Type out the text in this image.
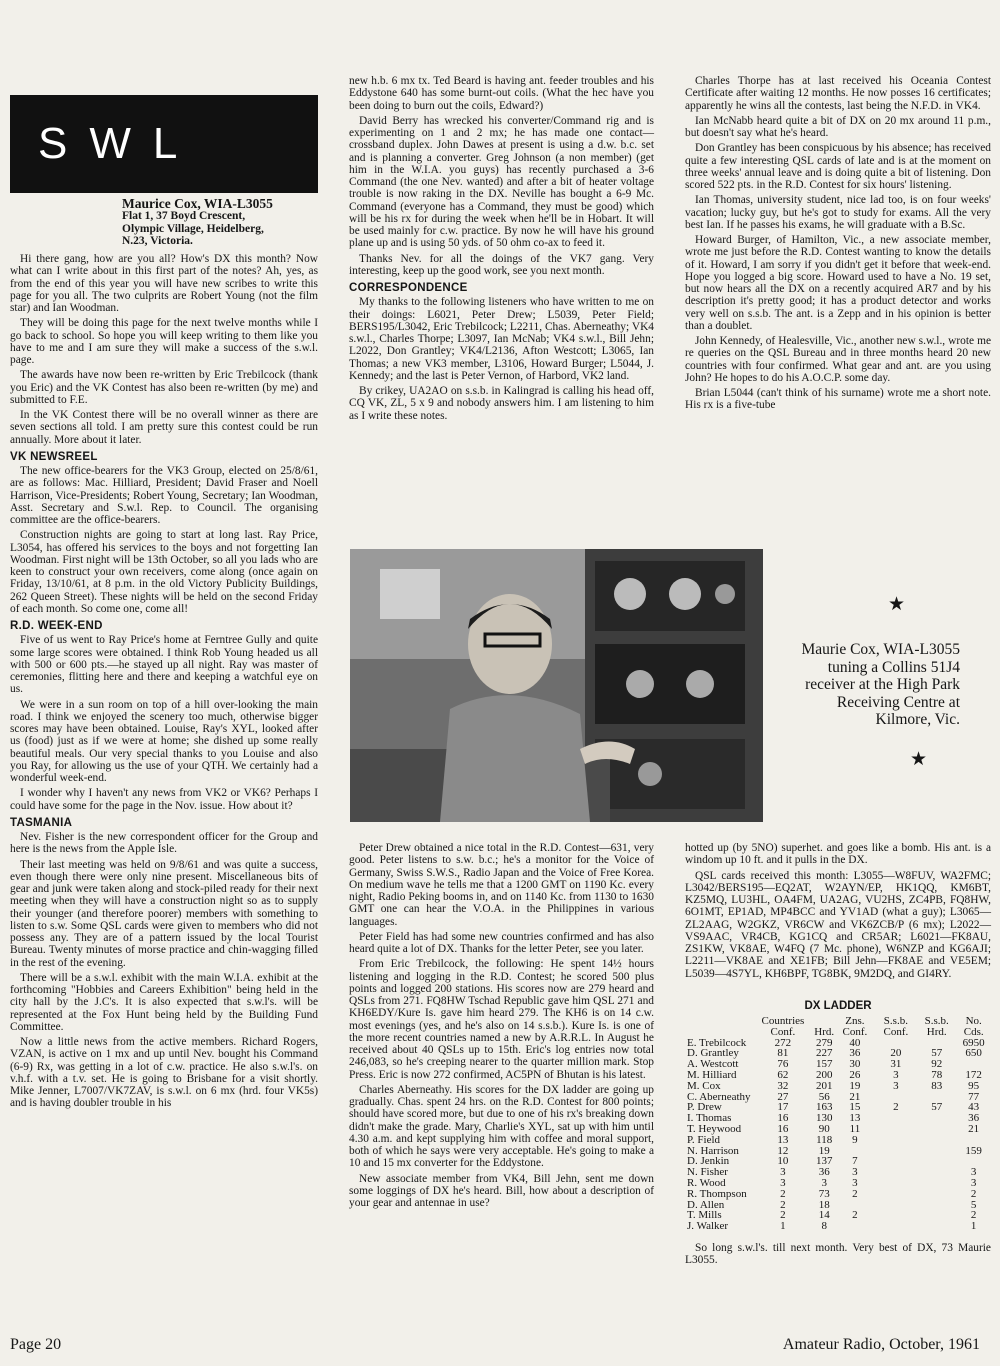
SWL
Maurice Cox, WIA-L3055
Flat 1, 37 Boyd Crescent,
Olympic Village, Heidelberg,
N.23, Victoria.

Hi there gang, how are you all? How's DX this month? Now what can I write about in this first part of the notes? Ah, yes, as from the end of this year you will have new scribes to write this page for you all. The two culprits are Robert Young (not the film star) and Ian Woodman.

They will be doing this page for the next twelve months while I go back to school. So hope you will keep writing to them like you have to me and I am sure they will make a success of the s.w.l. page.

The awards have now been re-written by Eric Trebilcock (thank you Eric) and the VK Contest has also been re-written (by me) and submitted to F.E.

In the VK Contest there will be no overall winner as there are seven sections all told. I am pretty sure this contest could be run annually. More about it later.

VK NEWSREEL

The new office-bearers for the VK3 Group, elected on 25/8/61, are as follows: Mac. Hilliard, President; David Fraser and Noell Harrison, Vice-Presidents; Robert Young, Secretary; Ian Woodman, Asst. Secretary and S.w.l. Rep. to Council. The organising committee are the office-bearers.

Construction nights are going to start at long last. Ray Price, L3054, has offered his services to the boys and not forgetting Ian Woodman. First night will be 13th October, so all you lads who are keen to construct your own receivers, come along (once again on Friday, 13/10/61, at 8 p.m. in the old Victory Publicity Buildings, 262 Queen Street). These nights will be held on the second Friday of each month. So come one, come all!

R.D. WEEK-END

Five of us went to Ray Price's home at Ferntree Gully and quite some large scores were obtained. I think Rob Young headed us all with 500 or 600 pts.—he stayed up all night. Ray was master of ceremonies, flitting here and there and keeping a watchful eye on us.

We were in a sun room on top of a hill over-looking the main road. I think we enjoyed the scenery too much, otherwise bigger scores may have been obtained. Louise, Ray's XYL, looked after us (food) just as if we were at home; she dished up some really beautiful meals. Our very special thanks to you Louise and also you Ray, for allowing us the use of your QTH. We certainly had a wonderful week-end.

I wonder why I haven't any news from VK2 or VK6? Perhaps I could have some for the page in the Nov. issue. How about it?

TASMANIA

Nev. Fisher is the new correspondent officer for the Group and here is the news from the Apple Isle.

Their last meeting was held on 9/8/61 and was quite a success, even though there were only nine present. Miscellaneous bits of gear and junk were taken along and stock-piled ready for their next meeting when they will have a construction night so as to supply their younger (and therefore poorer) members with something to listen to s.w. Some QSL cards were given to members who did not possess any. They are of a pattern issued by the local Tourist Bureau. Twenty minutes of morse practice and chin-wagging filled in the rest of the evening.

There will be a s.w.l. exhibit with the main W.I.A. exhibit at the forthcoming "Hobbies and Careers Exhibition" being held in the city hall by the J.C's. It is also expected that s.w.l's. will be represented at the Fox Hunt being held by the Building Fund Committee.

Now a little news from the active members. Richard Rogers, VZAN, is active on 1 mx and up until Nev. bought his Command (6-9) Rx, was getting in a lot of c.w. practice. He also s.w.l's. on v.h.f. with a t.v. set. He is going to Brisbane for a visit shortly. Mike Jenner, L7007/VK7ZAV, is s.w.l. on 6 mx (hrd. four VK5s) and is having doubler trouble in his

new h.b. 6 mx tx. Ted Beard is having ant. feeder troubles and his Eddystone 640 has some burnt-out coils. (What the hec have you been doing to burn out the coils, Edward?)

David Berry has wrecked his converter/Command rig and is experimenting on 1 and 2 mx; he has made one contact—crossband duplex. John Dawes at present is using a d.w. b.c. set and is planning a converter. Greg Johnson (a non member) (get him in the W.I.A. you guys) has recently purchased a 3-6 Command (the one Nev. wanted) and after a bit of heater voltage trouble is now raking in the DX. Neville has bought a 6-9 Mc. Command (everyone has a Command, they must be good) which will be his rx for during the week when he'll be in Hobart. It will be used mainly for c.w. practice. By now he will have his ground plane up and is using 50 yds. of 50 ohm co-ax to feed it.

Thanks Nev. for all the doings of the VK7 gang. Very interesting, keep up the good work, see you next month.

CORRESPONDENCE

My thanks to the following listeners who have written to me on their doings: L6021, Peter Drew; L5039, Peter Field; BERS195/L3042, Eric Trebilcock; L2211, Chas. Aberneathy; VK4 s.w.l., Charles Thorpe; L3097, Ian McNab; VK4 s.w.l., Bill Jehn; L2022, Don Grantley; VK4/L2136, Afton Westcott; L3065, Ian Thomas; a new VK3 member, L3106, Howard Burger; L5044, J. Kennedy; and the last is Peter Vernon, of Harbord, VK2 land.

By crikey, UA2AO on s.s.b. in Kalingrad is calling his head off, CQ VK, ZL, 5 x 9 and nobody answers him. I am listening to him as I write these notes.

Charles Thorpe has at last received his Oceania Contest Certificate after waiting 12 months. He now posses 16 certificates; apparently he wins all the contests, last being the N.F.D. in VK4.

Ian McNabb heard quite a bit of DX on 20 mx around 11 p.m., but doesn't say what he's heard.

Don Grantley has been conspicuous by his absence; has received quite a few interesting QSL cards of late and is at the moment on three weeks' annual leave and is doing quite a bit of listening. Don scored 522 pts. in the R.D. Contest for six hours' listening.

Ian Thomas, university student, nice lad too, is on four weeks' vacation; lucky guy, but he's got to study for exams. All the very best Ian. If he passes his exams, he will graduate with a B.Sc.

Howard Burger, of Hamilton, Vic., a new associate member, wrote me just before the R.D. Contest wanting to know the details of it. Howard, I am sorry if you didn't get it before that week-end. Hope you logged a big score. Howard used to have a No. 19 set, but now hears all the DX on a recently acquired AR7 and by his description it's pretty good; it has a product detector and works very well on s.s.b. The ant. is a Zepp and in his opinion is better than a doublet.

John Kennedy, of Healesville, Vic., another new s.w.l., wrote me re queries on the QSL Bureau and in three months heard 20 new countries with four confirmed. What gear and ant. are you using John? He hopes to do his A.O.C.P. some day.

Brian L5044 (can't think of his surname) wrote me a short note. His rx is a five-tube

★
Maurie Cox, WIA-L3055 tuning a Collins 51J4 receiver at the High Park Receiving Centre at Kilmore, Vic.
★

Peter Drew obtained a nice total in the R.D. Contest—631, very good. Peter listens to s.w. b.c.; he's a monitor for the Voice of Germany, Swiss S.W.S., Radio Japan and the Voice of Free Korea. On medium wave he tells me that a 1200 GMT on 1190 Kc. every night, Radio Peking booms in, and on 1140 Kc. from 1130 to 1630 GMT one can hear the V.O.A. in the Philippines in various languages.

Peter Field has had some new countries confirmed and has also heard quite a lot of DX. Thanks for the letter Peter, see you later.

From Eric Trebilcock, the following: He spent 14½ hours listening and logging in the R.D. Contest; he scored 500 plus points and logged 200 stations. His scores now are 279 heard and QSLs from 271. FQ8HW Tschad Republic gave him QSL 271 and KH6EDY/Kure Is. gave him heard 279. The KH6 is on 14 c.w. most evenings (yes, and he's also on 14 s.s.b.). Kure Is. is one of the more recent countries named a new by A.R.R.L. In August he received about 40 QSLs up to 15th. Eric's log entries now total 246,083, so he's creeping nearer to the quarter million mark. Stop Press. Eric is now 272 confirmed, AC5PN of Bhutan is his latest.

Charles Aberneathy. His scores for the DX ladder are going up gradually. Chas. spent 24 hrs. on the R.D. Contest for 800 points; should have scored more, but due to one of his rx's breaking down didn't make the grade. Mary, Charlie's XYL, sat up with him until 4.30 a.m. and kept supplying him with coffee and moral support, both of which he says were very acceptable. He's going to make a 10 and 15 mx converter for the Eddystone.

New associate member from VK4, Bill Jehn, sent me down some loggings of DX he's heard. Bill, how about a description of your gear and antennae in use?

hotted up (by 5NO) superhet. and goes like a bomb. His ant. is a windom up 10 ft. and it pulls in the DX.

QSL cards received this month: L3055—W8FUV, WA2FMC; L3042/BERS195—EQ2AT, W2AYN/EP, HK1QQ, KM6BT, KZ5MQ, LU3HL, OA4FM, UA2AG, VU2HS, ZC4PB, FQ8HW, 6O1MT, EP1AD, MP4BCC and YV1AD (what a guy); L3065—ZL2AAG, W2GKZ, VR6CW and VK6ZCB/P (6 mx); L2022—VS9AAC, VR4CB, KG1CQ and CR5AR; L6021—FK8AU, ZS1KW, VK8AE, W4FQ (7 Mc. phone), W6NZP and KG6AJI; L2211—VK8AE and XE1FB; Bill Jehn—FK8AE and VE5EM; L5039—4S7YL, KH6BPF, TG8BK, 9M2DQ, and GI4RY.

DX LADDER
	Countries Conf.	Hrd.	Zns. Conf.	S.s.b. Conf.	S.s.b. Hrd.	No. Cds.
E. Trebilcock	272	279	40			6950
D. Grantley	81	227	36	20	57	650
A. Westcott	76	157	30	31	92	
M. Hilliard	62	200	26	3	78	172
M. Cox	32	201	19	3	83	95
C. Aberneathy	27	56	21			77
P. Drew	17	163	15	2	57	43
I. Thomas	16	130	13			36
T. Heywood	16	90	11			21
P. Field	13	118	9			
N. Harrison	12	19				159
D. Jenkin	10	137	7			
N. Fisher	3	36	3			3
R. Wood	3	3	3			3
R. Thompson	2	73	2			2
D. Allen	2	18				5
T. Mills	2	14	2			2
J. Walker	1	8				1

So long s.w.l's. till next month. Very best of DX, 73 Maurie L3055.

Page 20	Amateur Radio, October, 1961
